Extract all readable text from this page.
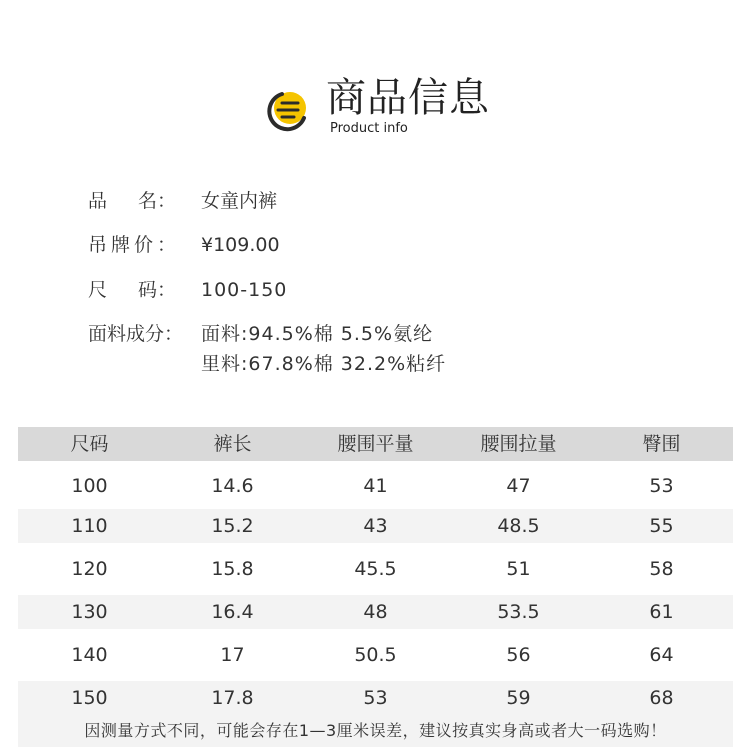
商品信息
Product info
品 名： 女童内裤
吊牌价：	¥109.00
尺 码： 100-150
面料成分： 面料:94.5%棉 5.5%氨纶
里料:67.8%棉 32.2%粘纤
尺码	裤长	腰围平量	腰围拉量	臀围
100	14.6	41	47	53
110	15.2	43	48.5	55
120	15.8	45.5	51	58
130	16.4	48	53.5	61
140	17	50.5	56	64
150	17.8	53	59	68
因测量方式不同，可能会存在1—3厘米误差，建议按真实身高或者大一码选购！
